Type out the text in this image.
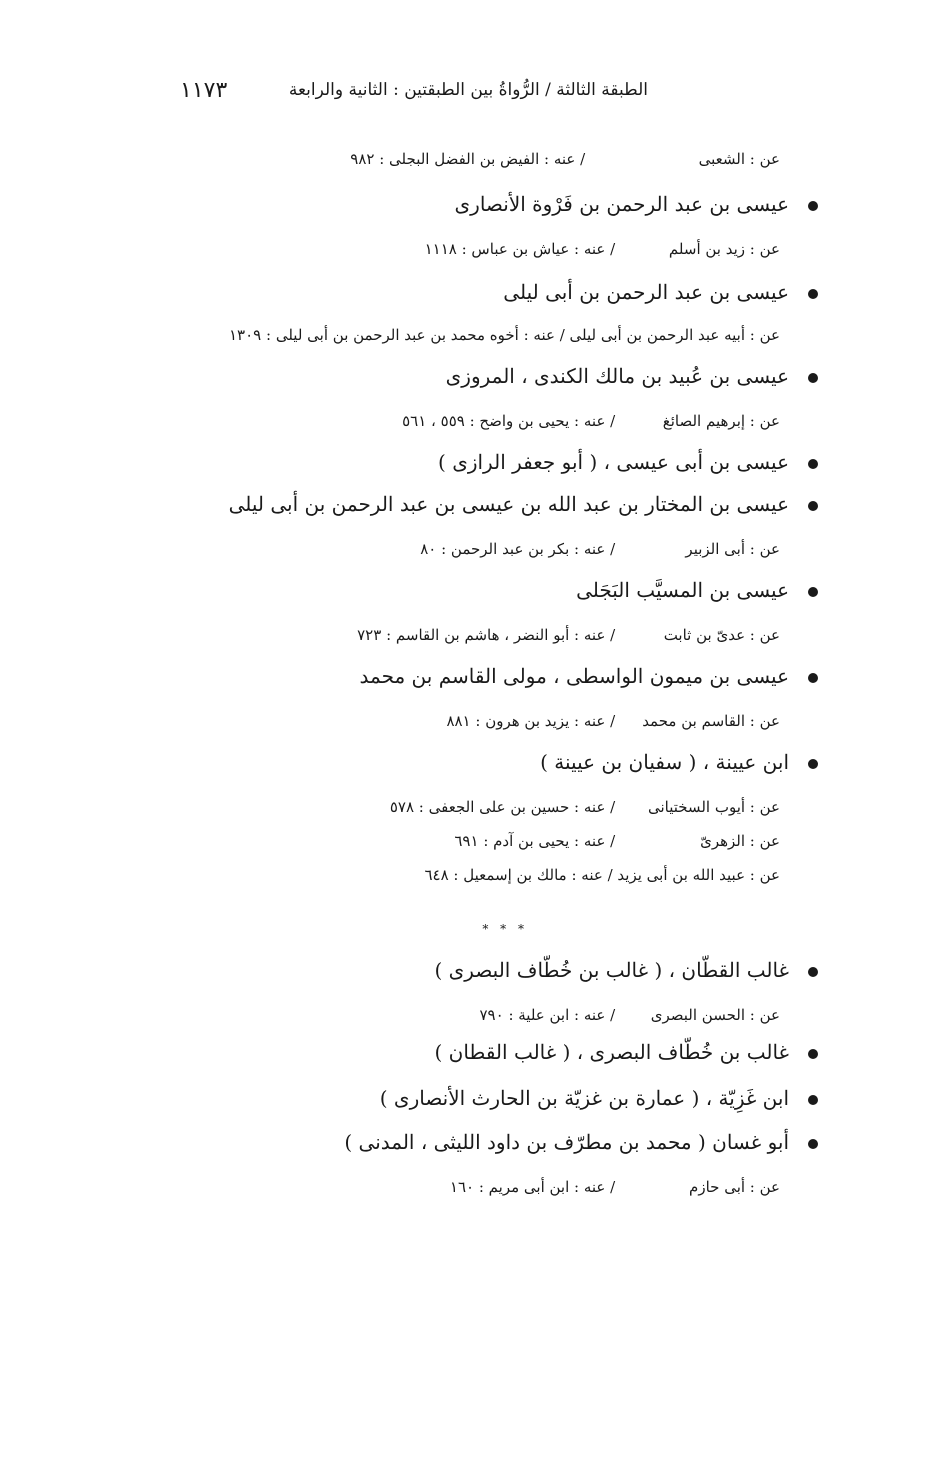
١١٧٣	الطبقة الثالثة / الرُّواةُ بين الطبقتين : الثانية والرابعة
عن : الشعبى / عنه : الفيض بن الفضل البجلى : ٩٨٢
عيسى بن عبد الرحمن بن فَرْوة الأنصارى
عن : زيد بن أسلم / عنه : عياش بن عباس : ١١١٨
عيسى بن عبد الرحمن بن أبى ليلى
عن : أبيه عبد الرحمن بن أبى ليلى / عنه : أخوه محمد بن عبد الرحمن بن أبى ليلى : ١٣٠٩
عيسى بن عُبيد بن مالك الكندى ، المروزى
عن : إبرهيم الصائغ / عنه : يحيى بن واضح : ٥٥٩ ، ٥٦١
عيسى بن أبى عيسى ، ( أبو جعفر الرازى )
عيسى بن المختار بن عبد الله بن عيسى بن عبد الرحمن بن أبى ليلى
عن : أبى الزبير / عنه : بكر بن عبد الرحمن : ٨٠
عيسى بن المسيَّب البَجَلى
عن : عدىّ بن ثابت / عنه : أبو النضر ، هاشم بن القاسم : ٧٢٣
عيسى بن ميمون الواسطى ، مولى القاسم بن محمد
عن : القاسم بن محمد / عنه : يزيد بن هرون : ٨٨١
ابن عيينة ، ( سفيان بن عيينة )
عن : أيوب السختيانى / عنه : حسين بن على الجعفى : ٥٧٨
عن : الزهرىّ / عنه : يحيى بن آدم : ٦٩١
عن : عبيد الله بن أبى يزيد / عنه : مالك بن إسمعيل : ٦٤٨
* * *
غالب القطّان ، ( غالب بن خُطّاف البصرى )
عن : الحسن البصرى / عنه : ابن علية : ٧٩٠
غالب بن خُطّاف البصرى ، ( غالب القطان )
ابن غَزِيّة ، ( عمارة بن غزيّة بن الحارث الأنصارى )
أبو غسان ( محمد بن مطرّف بن داود الليثى ، المدنى )
عن : أبى حازم / عنه : ابن أبى مريم : ١٦٠
